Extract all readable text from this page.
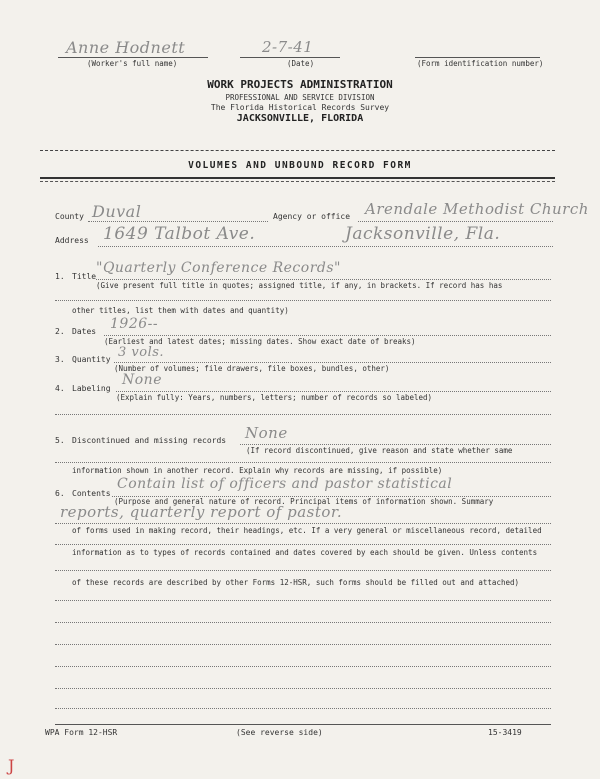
Anne Hodnett	2-7-41
(Worker's full name)	(Date)	(Form identification number)
WORK PROJECTS ADMINISTRATION
PROFESSIONAL AND SERVICE DIVISION
The Florida Historical Records Survey
JACKSONVILLE, FLORIDA
VOLUMES AND UNBOUND RECORD FORM
County Duval	Agency or office Arendale Methodist Church
Address 1649 Talbot Ave.	Jacksonville, Fla.
1. Title
"Quarterly Conference Records"
(Give present full title in quotes; assigned title, if any, in brackets. If record has has
other titles, list them with dates and quantity)
2. Dates 1926--
(Earliest and latest dates; missing dates. Show exact date of breaks)
3. Quantity 3 vols.
(Number of volumes; file drawers, file boxes, bundles, other)
4. Labeling
None
(Explain fully: Years, numbers, letters; number of records so labeled)
5. Discontinued and missing records None
(If record discontinued, give reason and state whether same
information shown in another record. Explain why records are missing, if possible)
6. Contents
Contain list of officers and pastor statistical
(Purpose and general nature of record. Principal items of information shown. Summary
reports, quarterly report of pastor.
of forms used in making record, their headings, etc. If a very general or miscellaneous record, detailed
information as to types of records contained and dates covered by each should be given. Unless contents
of these records are described by other Forms 12-HSR, such forms should be filled out and attached)
WPA Form 12-HSR	(See reverse side)	15-3419
J
